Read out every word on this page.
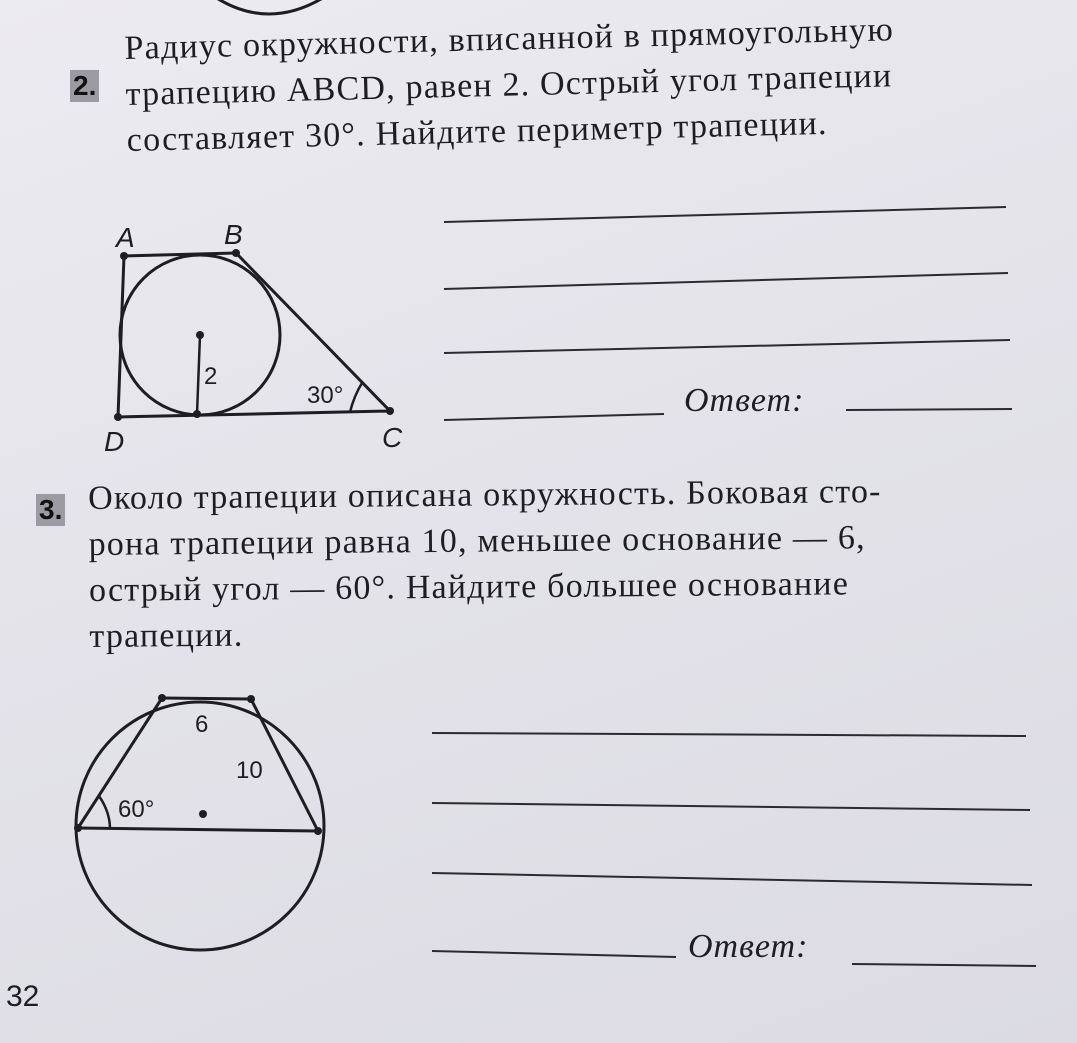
2.
Радиус окружности, вписанной в прямоугольную
трапецию ABCD, равен 2. Острый угол трапеции
составляет 30°. Найдите периметр трапеции.
A	B
C
D
2
30°	Ответ:
Ответ:
3. Около трапеции описана окружность. Боковая сто-
рона трапеции равна 10, меньшее основание — 6,
острый угол — 60°. Найдите большее основание
трапеции.
6
10
60°
32
